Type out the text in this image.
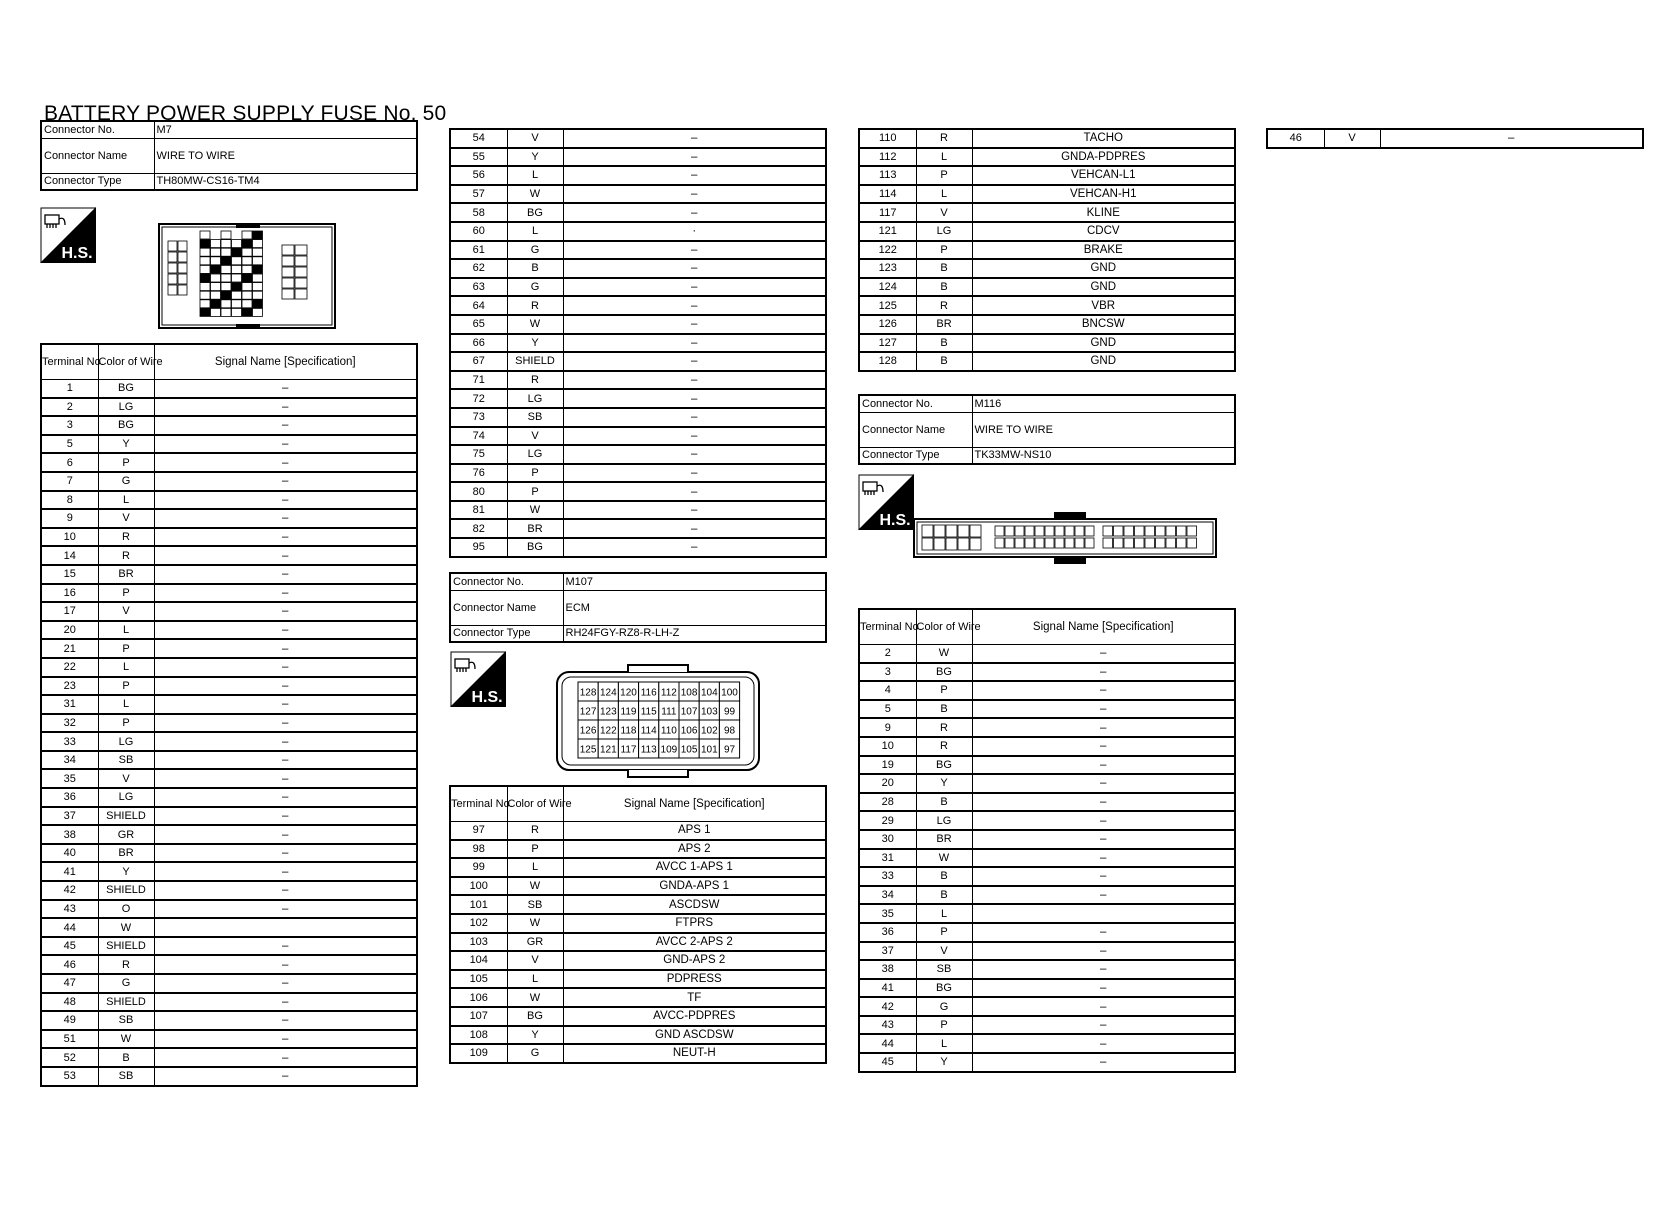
BATTERY POWER SUPPLY FUSE No. 50
Connector No.	M7
Connector Name	WIRE TO WIRE
Connector Type	TH80MW-CS16-TM4
H.S.
Terminal No.	Color of Wire	Signal Name [Specification]
1	BG	–
2	LG	–
3	BG	–
5	Y	–
6	P	–
7	G	–
8	L	–
9	V	–
10	R	–
14	R	–
15	BR	–
16	P	–
17	V	–
20	L	–
21	P	–
22	L	–
23	P	–
31	L	–
32	P	–
33	LG	–
34	SB	–
35	V	–
36	LG	–
37	SHIELD	–
38	GR	–
40	BR	–
41	Y	–
42	SHIELD	–
43	O	–
44	W	
45	SHIELD	–
46	R	–
47	G	–
48	SHIELD	–
49	SB	–
51	W	–
52	B	–
53	SB	–
54	V	–
55	Y	–
56	L	–
57	W	–
58	BG	–
60	L	·
61	G	–
62	B	–
63	G	–
64	R	–
65	W	–
66	Y	–
67	SHIELD	–
71	R	–
72	LG	–
73	SB	–
74	V	–
75	LG	–
76	P	–
80	P	–
81	W	–
82	BR	–
95	BG	–
Connector No.	M107
Connector Name	ECM
Connector Type	RH24FGY-RZ8-R-LH-Z
H.S.	128 124 120 116 112 108 104 100
127 123 119 115 111 107 103 99
126 122 118 114 110 106 102 98
125 121 117 113 109 105 101 97
Terminal No.	Color of Wire	Signal Name [Specification]
97	R	APS 1
98	P	APS 2
99	L	AVCC 1-APS 1
100	W	GNDA-APS 1
101	SB	ASCDSW
102	W	FTPRS
103	GR	AVCC 2-APS 2
104	V	GND-APS 2
105	L	PDPRESS
106	W	TF
107	BG	AVCC-PDPRES
108	Y	GND ASCDSW
109	G	NEUT-H
110	R	TACHO
112	L	GNDA-PDPRES
113	P	VEHCAN-L1
114	L	VEHCAN-H1
117	V	KLINE
121	LG	CDCV
122	P	BRAKE
123	B	GND
124	B	GND
125	R	VBR
126	BR	BNCSW
127	B	GND
128	B	GND
Connector No.	M116
Connector Name	WIRE TO WIRE
Connector Type	TK33MW-NS10
H.S.
Terminal No.	Color of Wire	Signal Name [Specification]
2	W	–
3	BG	–
4	P	–
5	B	–
9	R	–
10	R	–
19	BG	–
20	Y	–
28	B	–
29	LG	–
30	BR	–
31	W	–
33	B	–
34	B	–
35	L	
36	P	–
37	V	–
38	SB	–
41	BG	–
42	G	–
43	P	–
44	L	–
45	Y	–
46	V	–
